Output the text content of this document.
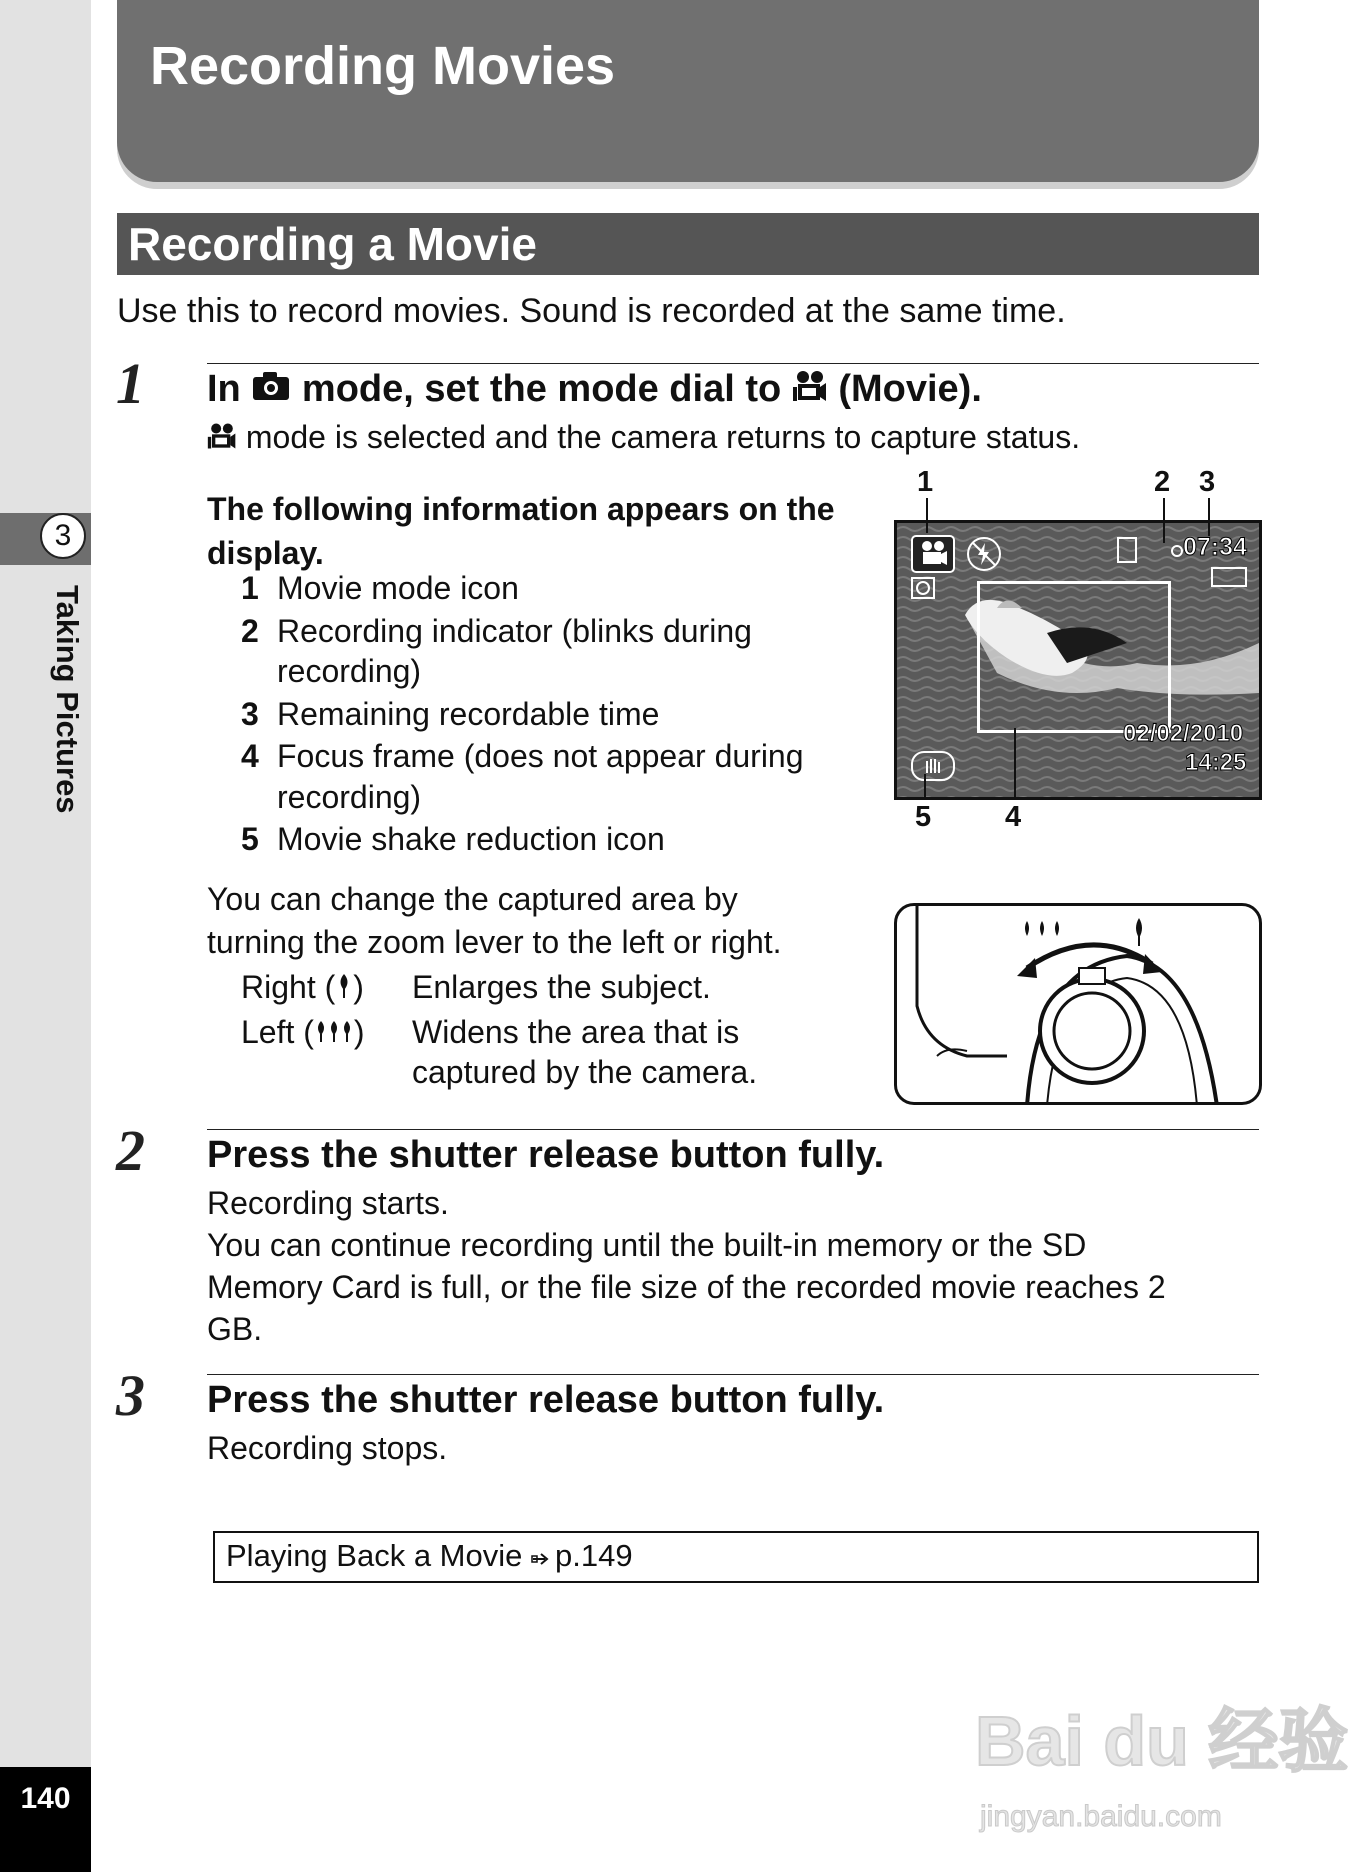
3
Taking Pictures
140
Recording Movies
Recording a Movie
Use this to record movies. Sound is recorded at the same time.
1 In mode, set the mode dial to (Movie).
mode is selected and the camera returns to capture status.
The following information appears on the display.
1 Movie mode icon
2 Recording indicator (blinks during
recording)
3 Remaining recordable time
4 Focus frame (does not appear during
recording)
5 Movie shake reduction icon
1	2 3
4
5
07:34
02/02/2010
14:25
You can change the captured area by
turning the zoom lever to the left or right.
Right ( ) Enlarges the subject.
Left ( ) Widens the area that is
captured by the camera.
2 Press the shutter release button fully.
Recording starts.
You can continue recording until the built-in memory or the SD
Memory Card is full, or the file size of the recorded movie reaches 2
GB.
3 Press the shutter release button fully.
Recording stops.
Playing Back a Movie p.149
Bai du 经验
jingyan.baidu.com
